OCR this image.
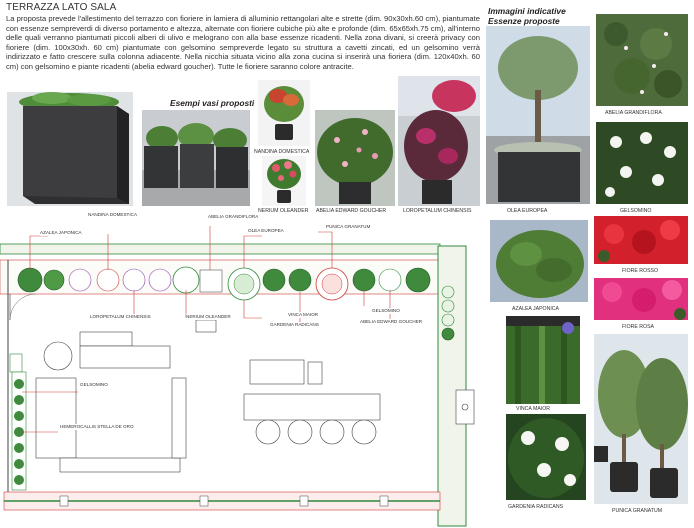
TERRAZZA LATO SALA
La proposta prevede l'allestimento del terrazzo con fioriere in lamiera di alluminio rettangolari alte e strette (dim. 90x30xh.60 cm), piantumate con essenze sempreverdi di diverso portamento e altezza, alternate con fioriere cubiche più alte e profonde (dim. 65x65xh.75 cm), all'interno delle quali verranno piantumati piccoli alberi di ulivo e melograno con alla base essenze ricadenti. Nella zona divani, si creerà privacy con fioriere (dim. 100x30xh. 60 cm) piantumate con gelsomino sempreverde legato su struttura a cavetti zincati, ed un gelsomino verrà indirizzato e fatto crescere sulla colonna adiacente. Nella nicchia situata vicino alla zona cucina si inserirà una fioriera (dim. 120x40xh. 60 cm) con gelsomino e piante ricadenti (abelia edward goucher). Tutte le fioriere saranno colore antracite.
Esempi vasi proposti
NANDINA DOMESTICA
NERIUM OLEANDER ABELIA EDWARD GOUCHER	LOROPETALUM CHINENSIS
Immagini indicative
Essenze proposte
OLEA EUROPEA
ABELIA GRANDIFLORA
GELSOMINO
AZALEA JAPONICA
FIORE ROSSO
FIORE ROSA
VINCA MAIOR
GARDENIA RADICANS
PUNICA GRANATUM
NANDINA DOMESTICA	ABELIA GRANDIFLORA
AZALEA JAPONICA	OLEA EUROPEA
PUNICA GRANATUM
LOROPETALUM CHINENSIS	NERIUM OLEANDER	VINCA MAIOR
GARDENIA RADICANS
GELSOMINO
ABELIA EDWARD GOUCHER
GELSOMINO
HEMEROCALLIS STELLA DE ORO
